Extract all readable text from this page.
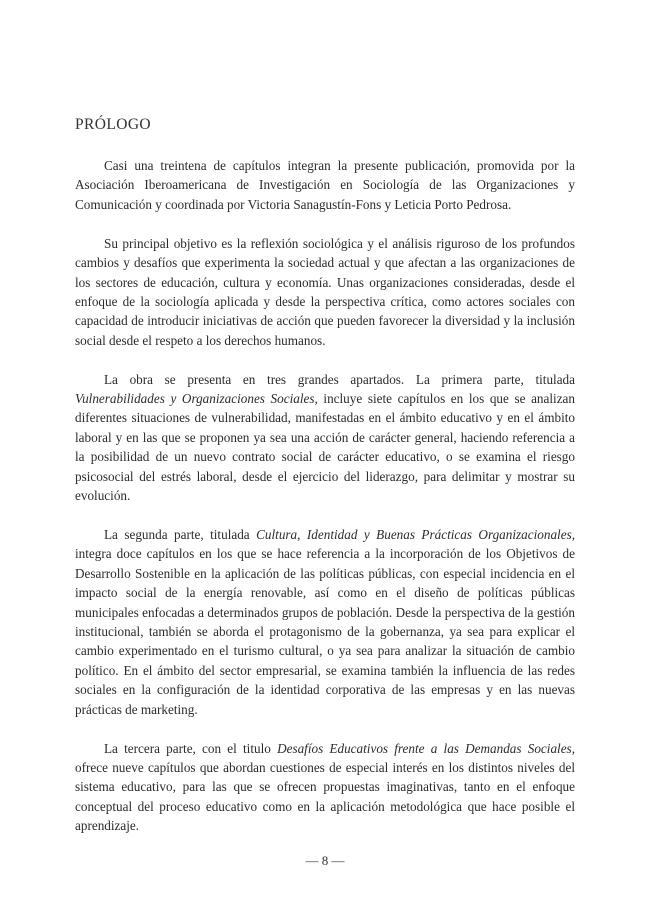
PRÓLOGO

Casi una treintena de capítulos integran la presente publicación, promovida por la Asociación Iberoamericana de Investigación en Sociología de las Organizaciones y Comunicación y coordinada por Victoria Sanagustín-Fons y Leticia Porto Pedrosa.

Su principal objetivo es la reflexión sociológica y el análisis riguroso de los profundos cambios y desafíos que experimenta la sociedad actual y que afectan a las organizaciones de los sectores de educación, cultura y economía. Unas organizaciones consideradas, desde el enfoque de la sociología aplicada y desde la perspectiva crítica, como actores sociales con capacidad de introducir iniciativas de acción que pueden favorecer la diversidad y la inclusión social desde el respeto a los derechos humanos.

La obra se presenta en tres grandes apartados. La primera parte, titulada Vulnerabilidades y Organizaciones Sociales, incluye siete capítulos en los que se analizan diferentes situaciones de vulnerabilidad, manifestadas en el ámbito educativo y en el ámbito laboral y en las que se proponen ya sea una acción de carácter general, haciendo referencia a la posibilidad de un nuevo contrato social de carácter educativo, o se examina el riesgo psicosocial del estrés laboral, desde el ejercicio del liderazgo, para delimitar y mostrar su evolución.

La segunda parte, titulada Cultura, Identidad y Buenas Prácticas Organizacionales, integra doce capítulos en los que se hace referencia a la incorporación de los Objetivos de Desarrollo Sostenible en la aplicación de las políticas públicas, con especial incidencia en el impacto social de la energía renovable, así como en el diseño de políticas públicas municipales enfocadas a determinados grupos de población. Desde la perspectiva de la gestión institucional, también se aborda el protagonismo de la gobernanza, ya sea para explicar el cambio experimentado en el turismo cultural, o ya sea para analizar la situación de cambio político. En el ámbito del sector empresarial, se examina también la influencia de las redes sociales en la configuración de la identidad corporativa de las empresas y en las nuevas prácticas de marketing.

La tercera parte, con el titulo Desafíos Educativos frente a las Demandas Sociales, ofrece nueve capítulos que abordan cuestiones de especial interés en los distintos niveles del sistema educativo, para las que se ofrecen propuestas imaginativas, tanto en el enfoque conceptual del proceso educativo como en la aplicación metodológica que hace posible el aprendizaje.

— 8 —
